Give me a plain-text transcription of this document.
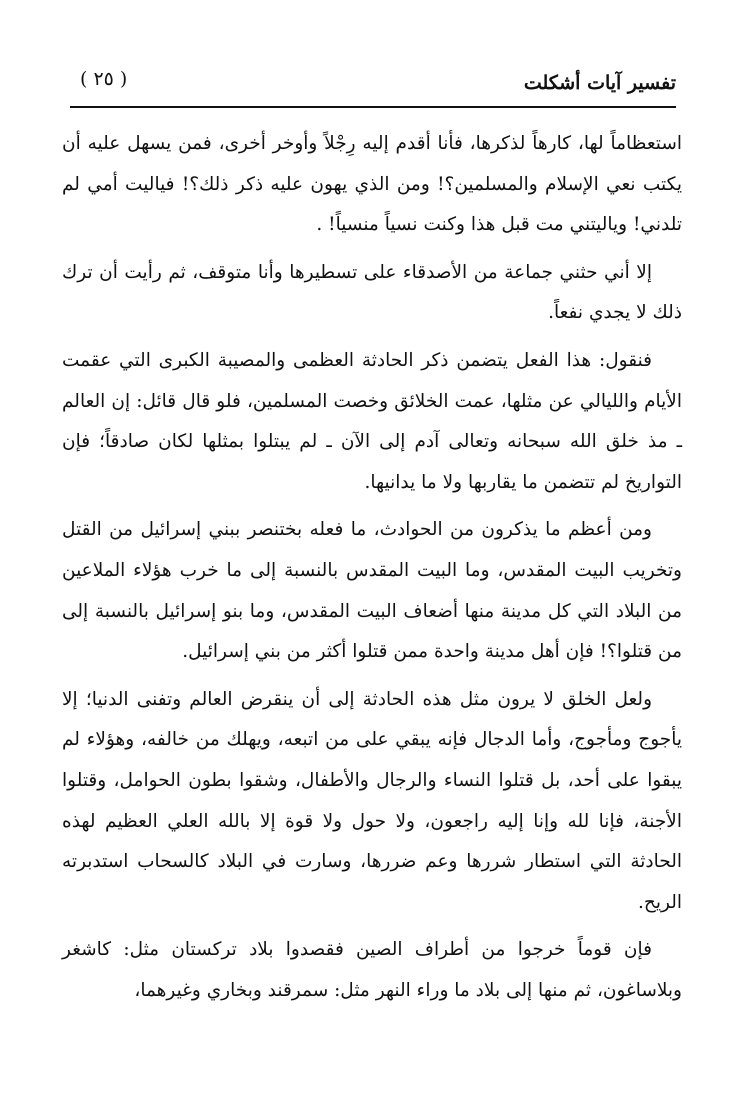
( ٢٥ )	تفسير آيات أشكلت

استعظاماً لها، كارهاً لذكرها، فأنا أقدم إليه رِجْلاً وأوخر أخرى، فمن يسهل عليه أن يكتب نعي الإسلام والمسلمين؟! ومن الذي يهون عليه ذكر ذلك؟! فياليت أمي لم تلدني! وياليتني مت قبل هذا وكنت نسياً منسياً! .

إلا أني حثني جماعة من الأصدقاء على تسطيرها وأنا متوقف، ثم رأيت أن ترك ذلك لا يجدي نفعاً.

فنقول: هذا الفعل يتضمن ذكر الحادثة العظمى والمصيبة الكبرى التي عقمت الأيام والليالي عن مثلها، عمت الخلائق وخصت المسلمين، فلو قال قائل: إن العالم ـ مذ خلق الله سبحانه وتعالى آدم إلى الآن ـ لم يبتلوا بمثلها لكان صادقاً؛ فإن التواريخ لم تتضمن ما يقاربها ولا ما يدانيها.

ومن أعظم ما يذكرون من الحوادث، ما فعله بختنصر ببني إسرائيل من القتل وتخريب البيت المقدس، وما البيت المقدس بالنسبة إلى ما خرب هؤلاء الملاعين من البلاد التي كل مدينة منها أضعاف البيت المقدس، وما بنو إسرائيل بالنسبة إلى من قتلوا؟! فإن أهل مدينة واحدة ممن قتلوا أكثر من بني إسرائيل.

ولعل الخلق لا يرون مثل هذه الحادثة إلى أن ينقرض العالم وتفنى الدنيا؛ إلا يأجوج ومأجوج، وأما الدجال فإنه يبقي على من اتبعه، ويهلك من خالفه، وهؤلاء لم يبقوا على أحد، بل قتلوا النساء والرجال والأطفال، وشقوا بطون الحوامل، وقتلوا الأجنة، فإنا لله وإنا إليه راجعون، ولا حول ولا قوة إلا بالله العلي العظيم لهذه الحادثة التي استطار شررها وعم ضررها، وسارت في البلاد كالسحاب استدبرته الريح.

فإن قوماً خرجوا من أطراف الصين فقصدوا بلاد تركستان مثل: كاشغر وبلاساغون، ثم منها إلى بلاد ما وراء النهر مثل: سمرقند وبخاري وغيرهما،
